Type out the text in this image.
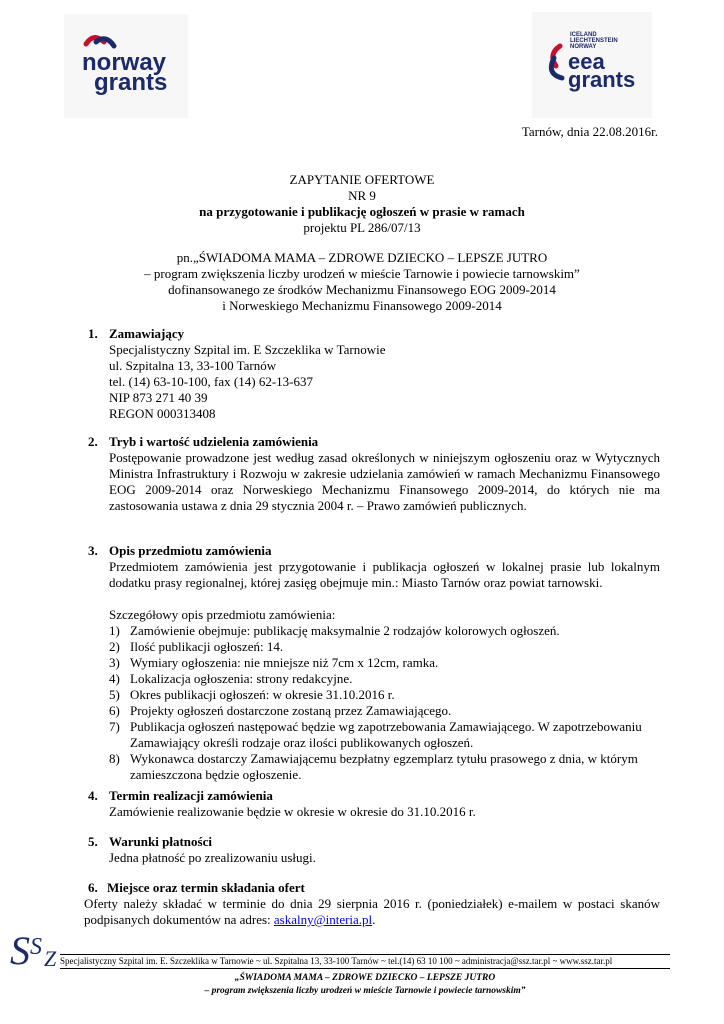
norway
grants
ICELAND
LIECHTENSTEIN
NORWAY
eea
grants
Tarnów, dnia 22.08.2016r.
ZAPYTANIE OFERTOWE
NR 9
na przygotowanie i publikację ogłoszeń w prasie w ramach
projektu PL 286/07/13
pn.„ŚWIADOMA MAMA – ZDROWE DZIECKO – LEPSZE JUTRO
– program zwiększenia liczby urodzeń w mieście Tarnowie i powiecie tarnowskim”
dofinansowanego ze środków Mechanizmu Finansowego EOG 2009-2014
i Norweskiego Mechanizmu Finansowego 2009-2014
1. Zamawiający
Specjalistyczny Szpital im. E Szczeklika w Tarnowie
ul. Szpitalna 13, 33-100 Tarnów
tel. (14) 63-10-100, fax (14) 62-13-637
NIP 873 271 40 39
REGON 000313408
2. Tryb i wartość udzielenia zamówienia
Postępowanie prowadzone jest według zasad określonych w niniejszym ogłoszeniu oraz w Wytycznych Ministra Infrastruktury i Rozwoju w zakresie udzielania zamówień w ramach Mechanizmu Finansowego EOG 2009-2014 oraz Norweskiego Mechanizmu Finansowego 2009-2014, do których nie ma zastosowania ustawa z dnia 29 stycznia 2004 r. – Prawo zamówień publicznych.
3. Opis przedmiotu zamówienia
Przedmiotem zamówienia jest przygotowanie i publikacja ogłoszeń w lokalnej prasie lub lokalnym dodatku prasy regionalnej, której zasięg obejmuje min.: Miasto Tarnów oraz powiat tarnowski.
Szczegółowy opis przedmiotu zamówienia:
1) Zamówienie obejmuje: publikację maksymalnie 2 rodzajów kolorowych ogłoszeń.
2) Ilość publikacji ogłoszeń: 14.
3) Wymiary ogłoszenia: nie mniejsze niż 7cm x 12cm, ramka.
4) Lokalizacja ogłoszenia: strony redakcyjne.
5) Okres publikacji ogłoszeń: w okresie 31.10.2016 r.
6) Projekty ogłoszeń dostarczone zostaną przez Zamawiającego.
7) Publikacja ogłoszeń następować będzie wg zapotrzebowania Zamawiającego. W zapotrzebowaniu Zamawiający określi rodzaje oraz ilości publikowanych ogłoszeń.
8) Wykonawca dostarczy Zamawiającemu bezpłatny egzemplarz tytułu prasowego z dnia, w którym zamieszczona będzie ogłoszenie.
4. Termin realizacji zamówienia
Zamówienie realizowanie będzie w okresie w okresie do 31.10.2016 r.
5. Warunki płatności
Jedna płatność po zrealizowaniu usługi.
6. Miejsce oraz termin składania ofert
Oferty należy składać w terminie do dnia 29 sierpnia 2016 r. (poniedziałek) e-mailem w postaci skanów podpisanych dokumentów na adres: askalny@interia.pl.
S S Z Specjalistyczny Szpital im. E. Szczeklika w Tarnowie ~ ul. Szpitalna 13, 33-100 Tarnów ~ tel.(14) 63 10 100 ~ administracja@ssz.tar.pl ~ www.ssz.tar.pl
„ŚWIADOMA MAMA – ZDROWE DZIECKO – LEPSZE JUTRO
– program zwiększenia liczby urodzeń w mieście Tarnowie i powiecie tarnowskim”
